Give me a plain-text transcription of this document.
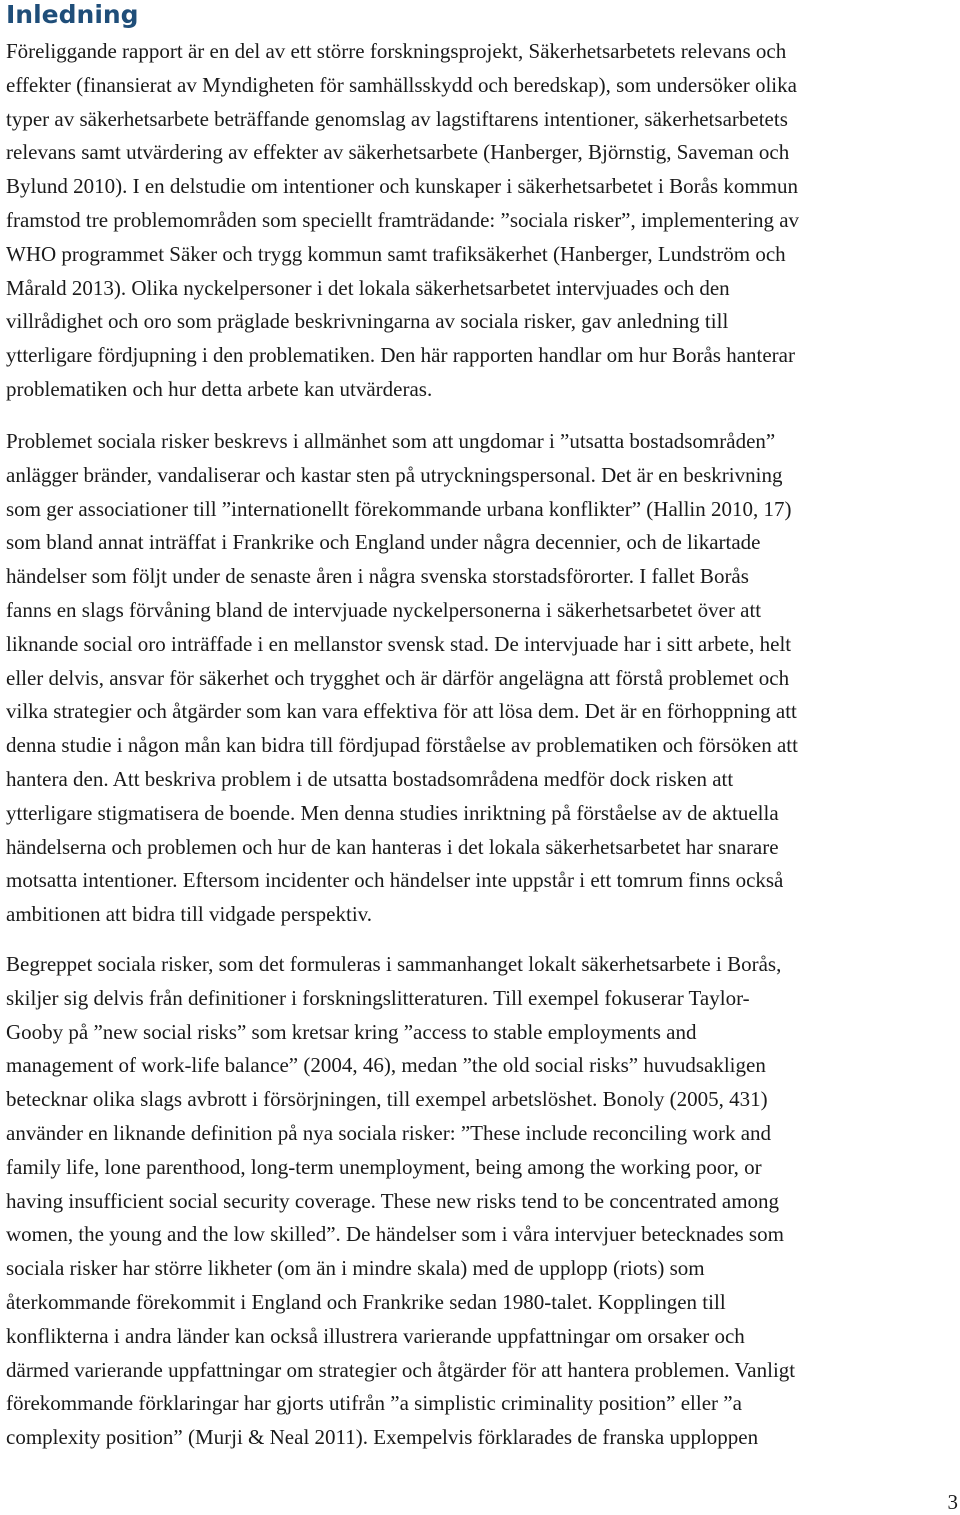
Inledning

Föreliggande rapport är en del av ett större forskningsprojekt, Säkerhetsarbetets relevans och
effekter (finansierat av Myndigheten för samhällsskydd och beredskap), som undersöker olika
typer av säkerhetsarbete beträffande genomslag av lagstiftarens intentioner, säkerhetsarbetets
relevans samt utvärdering av effekter av säkerhetsarbete (Hanberger, Björnstig, Saveman och
Bylund 2010). I en delstudie om intentioner och kunskaper i säkerhetsarbetet i Borås kommun
framstod tre problemområden som speciellt framträdande: ”sociala risker”, implementering av
WHO programmet Säker och trygg kommun samt trafiksäkerhet (Hanberger, Lundström och
Mårald 2013). Olika nyckelpersoner i det lokala säkerhetsarbetet intervjuades och den
villrådighet och oro som präglade beskrivningarna av sociala risker, gav anledning till
ytterligare fördjupning i den problematiken. Den här rapporten handlar om hur Borås hanterar
problematiken och hur detta arbete kan utvärderas.

Problemet sociala risker beskrevs i allmänhet som att ungdomar i ”utsatta bostadsområden”
anlägger bränder, vandaliserar och kastar sten på utryckningspersonal. Det är en beskrivning
som ger associationer till ”internationellt förekommande urbana konflikter” (Hallin 2010, 17)
som bland annat inträffat i Frankrike och England under några decennier, och de likartade
händelser som följt under de senaste åren i några svenska storstadsförorter. I fallet Borås
fanns en slags förvåning bland de intervjuade nyckelpersonerna i säkerhetsarbetet över att
liknande social oro inträffade i en mellanstor svensk stad. De intervjuade har i sitt arbete, helt
eller delvis, ansvar för säkerhet och trygghet och är därför angelägna att förstå problemet och
vilka strategier och åtgärder som kan vara effektiva för att lösa dem. Det är en förhoppning att
denna studie i någon mån kan bidra till fördjupad förståelse av problematiken och försöken att
hantera den. Att beskriva problem i de utsatta bostadsområdena medför dock risken att
ytterligare stigmatisera de boende. Men denna studies inriktning på förståelse av de aktuella
händelserna och problemen och hur de kan hanteras i det lokala säkerhetsarbetet har snarare
motsatta intentioner. Eftersom incidenter och händelser inte uppstår i ett tomrum finns också
ambitionen att bidra till vidgade perspektiv.

Begreppet sociala risker, som det formuleras i sammanhanget lokalt säkerhetsarbete i Borås,
skiljer sig delvis från definitioner i forskningslitteraturen. Till exempel fokuserar Taylor-
Gooby på ”new social risks” som kretsar kring ”access to stable employments and
management of work-life balance” (2004, 46), medan ”the old social risks” huvudsakligen
betecknar olika slags avbrott i försörjningen, till exempel arbetslöshet. Bonoly (2005, 431)
använder en liknande definition på nya sociala risker: ”These include reconciling work and
family life, lone parenthood, long-term unemployment, being among the working poor, or
having insufficient social security coverage. These new risks tend to be concentrated among
women, the young and the low skilled”. De händelser som i våra intervjuer betecknades som
sociala risker har större likheter (om än i mindre skala) med de upplopp (riots) som
återkommande förekommit i England och Frankrike sedan 1980-talet. Kopplingen till
konflikterna i andra länder kan också illustrera varierande uppfattningar om orsaker och
därmed varierande uppfattningar om strategier och åtgärder för att hantera problemen. Vanligt
förekommande förklaringar har gjorts utifrån ”a simplistic criminality position” eller ”a
complexity position” (Murji & Neal 2011). Exempelvis förklarades de franska upploppen

3
